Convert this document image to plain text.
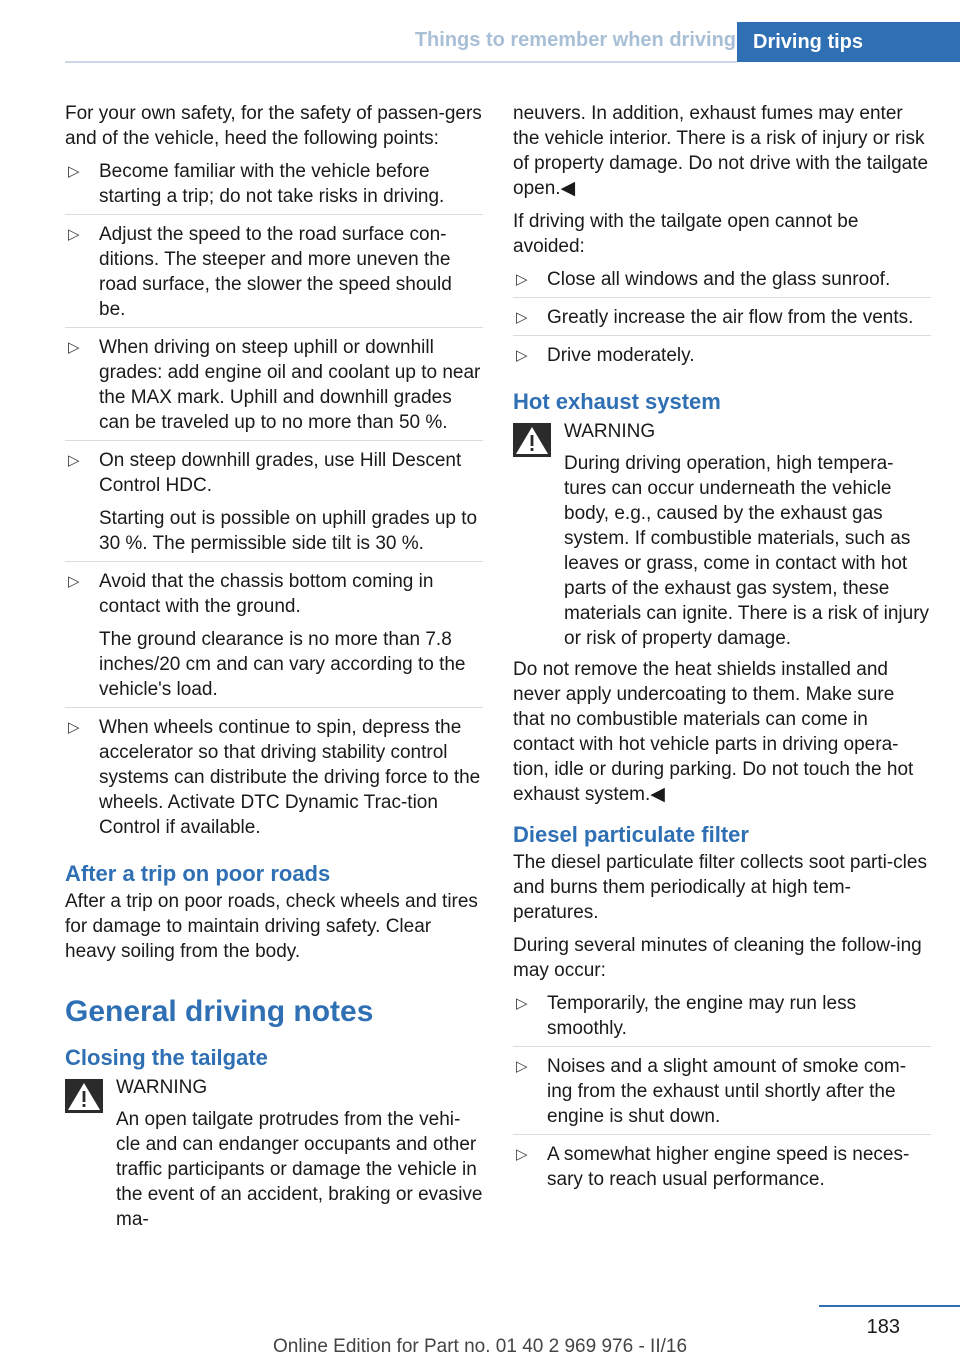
Things to remember when driving Driving tips

For your own safety, for the safety of passen-gers and of the vehicle, heed the following points:

▷ Become familiar with the vehicle before starting a trip; do not take risks in driving.
▷ Adjust the speed to the road surface con-ditions. The steeper and more uneven the road surface, the slower the speed should be.
▷ When driving on steep uphill or downhill grades: add engine oil and coolant up to near the MAX mark. Uphill and downhill grades can be traveled up to no more than 50 %.
▷ On steep downhill grades, use Hill Descent Control HDC.
Starting out is possible on uphill grades up to 30 %. The permissible side tilt is 30 %.
▷ Avoid that the chassis bottom coming in contact with the ground.
The ground clearance is no more than 7.8 inches/20 cm and can vary according to the vehicle's load.
▷ When wheels continue to spin, depress the accelerator so that driving stability control systems can distribute the driving force to the wheels. Activate DTC Dynamic Trac-tion Control if available.
After a trip on poor roads

After a trip on poor roads, check wheels and tires for damage to maintain driving safety. Clear heavy soiling from the body.

General driving notes
Closing the tailgate
WARNING
An open tailgate protrudes from the vehi-cle and can endanger occupants and other traffic participants or damage the vehicle in the event of an accident, braking or evasive ma-

neuvers. In addition, exhaust fumes may enter the vehicle interior. There is a risk of injury or risk of property damage. Do not drive with the tailgate open.◀

If driving with the tailgate open cannot be avoided:

▷ Close all windows and the glass sunroof.
▷ Greatly increase the air flow from the vents.
▷ Drive moderately.
Hot exhaust system
WARNING
During driving operation, high tempera-tures can occur underneath the vehicle body, e.g., caused by the exhaust gas system. If combustible materials, such as leaves or grass, come in contact with hot parts of the exhaust gas system, these materials can ignite. There is a risk of injury or risk of property damage.

Do not remove the heat shields installed and never apply undercoating to them. Make sure that no combustible materials can come in contact with hot vehicle parts in driving opera-tion, idle or during parking. Do not touch the hot exhaust system.◀

Diesel particulate filter

The diesel particulate filter collects soot parti-cles and burns them periodically at high tem-peratures.

During several minutes of cleaning the follow-ing may occur:

▷ Temporarily, the engine may run less smoothly.
▷ Noises and a slight amount of smoke com-ing from the exhaust until shortly after the engine is shut down.
▷ A somewhat higher engine speed is neces-sary to reach usual performance.
183
Online Edition for Part no. 01 40 2 969 976 - II/16
